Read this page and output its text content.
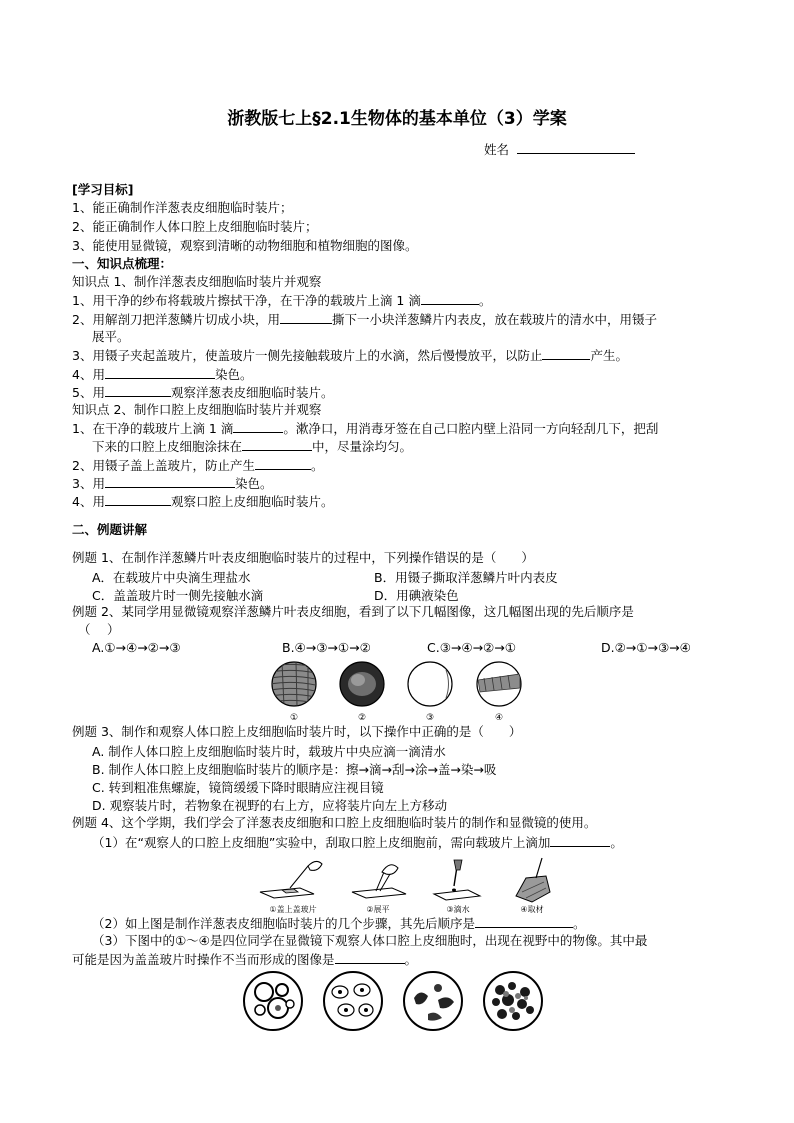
浙教版七上§2.1生物体的基本单位（3）学案
姓名
[学习目标]
1、能正确制作洋葱表皮细胞临时装片；
2、能正确制作人体口腔上皮细胞临时装片；
3、能使用显微镜，观察到清晰的动物细胞和植物细胞的图像。
一、知识点梳理：
知识点 1、制作洋葱表皮细胞临时装片并观察
1、用干净的纱布将载玻片擦拭干净，在干净的载玻片上滴 1 滴	。
2、用解剖刀把洋葱鳞片切成小块，用	撕下一小块洋葱鳞片内表皮，放在载玻片的清水中，用镊子
展平。
3、用镊子夹起盖玻片，使盖玻片一侧先接触载玻片上的水滴，然后慢慢放平，以防止	产生。
4、用	染色。
5、用	观察洋葱表皮细胞临时装片。
知识点 2、制作口腔上皮细胞临时装片并观察
1、在干净的载玻片上滴 1 滴	。漱净口，用消毒牙签在自己口腔内壁上沿同一方向轻刮几下，把刮
下来的口腔上皮细胞涂抹在	中，尽量涂均匀。
2、用镊子盖上盖玻片，防止产生	。
3、用	染色。
4、用	观察口腔上皮细胞临时装片。
二、例题讲解
例题 1、在制作洋葱鳞片叶表皮细胞临时装片的过程中，下列操作错误的是（　　）
A．在载玻片中央滴生理盐水	B．用镊子撕取洋葱鳞片叶内表皮
C．盖盖玻片时一侧先接触水滴	D．用碘液染色
例题 2、某同学用显微镜观察洋葱鳞片叶表皮细胞，看到了以下几幅图像，这几幅图出现的先后顺序是
（　 ）
A.①→④→②→③	B.④→③→①→②	C.③→④→②→①	D.②→①→③→④
①	②	③	④
例题 3、制作和观察人体口腔上皮细胞临时装片时，以下操作中正确的是（　　）
A. 制作人体口腔上皮细胞临时装片时，载玻片中央应滴一滴清水
B. 制作人体口腔上皮细胞临时装片的顺序是：擦→滴→刮→涂→盖→染→吸
C. 转到粗准焦螺旋，镜筒缓缓下降时眼睛应注视目镜
D. 观察装片时，若物象在视野的右上方，应将装片向左上方移动
例题 4、这个学期，我们学会了洋葱表皮细胞和口腔上皮细胞临时装片的制作和显微镜的使用。
（1）在“观察人的口腔上皮细胞”实验中，刮取口腔上皮细胞前，需向载玻片上滴加	。
①盖上盖玻片	②展平	③滴水	④取材
（2）如上图是制作洋葱表皮细胞临时装片的几个步骤，其先后顺序是	。
（3）下图中的①～④是四位同学在显微镜下观察人体口腔上皮细胞时，出现在视野中的物像。其中最
可能是因为盖盖玻片时操作不当而形成的图像是	。
